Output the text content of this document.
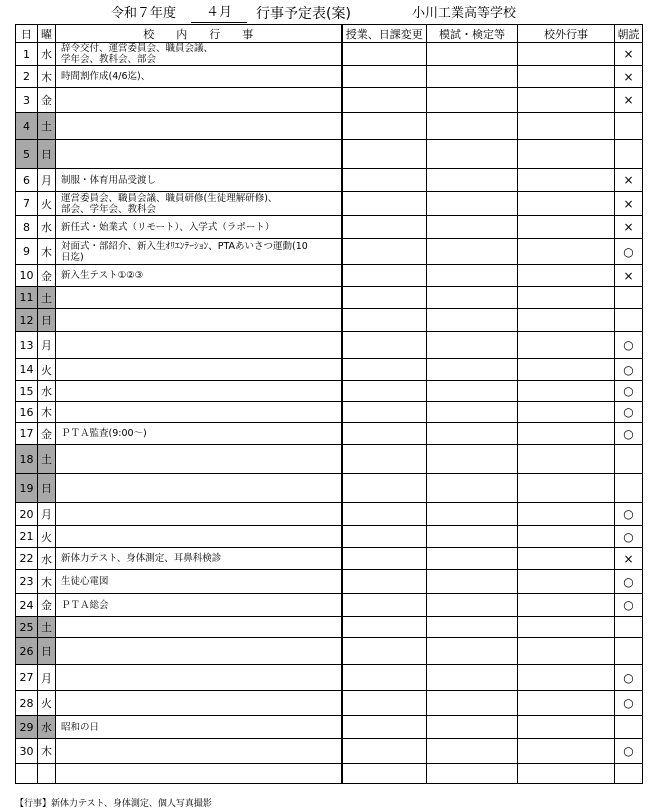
令和７年度	４月	行事予定表(案)	小川工業高等学校
日	曜	校　　内　　行　　事	授業、日課変更	模試・検定等	校外行事	朝読
1	水	辞令交付、運営委員会、職員会議、
学年会、教科会、部会				×
2	木	時間割作成(4/6迄)、				×
3	金					×
4	土					
5	日					
6	月	制服・体育用品受渡し				×
7	火	運営委員会、職員会議、職員研修(生徒理解研修)、
部会、学年会、教科会				×
8	水	新任式・始業式（リモート）、入学式（ラポート）				×
9	木	対面式・部紹介、新入生ｵﾘｴﾝﾃｰｼｮﾝ、PTAあいさつ運動(10
日迄)				○
10	金	新入生テスト①②③				×
11	土					
12	日					
13	月					○
14	火					○
15	水					○
16	木					○
17	金	ＰＴＡ監査(9:00～)				○
18	土					
19	日					
20	月					○
21	火					○
22	水	新体力テスト、身体測定、耳鼻科検診				×
23	木	生徒心電図				○
24	金	ＰＴＡ総会				○
25	土					
26	日					
27	月					○
28	火					○
29	水	昭和の日				
30	木					○

【行事】新体力テスト、身体測定、個人写真撮影
